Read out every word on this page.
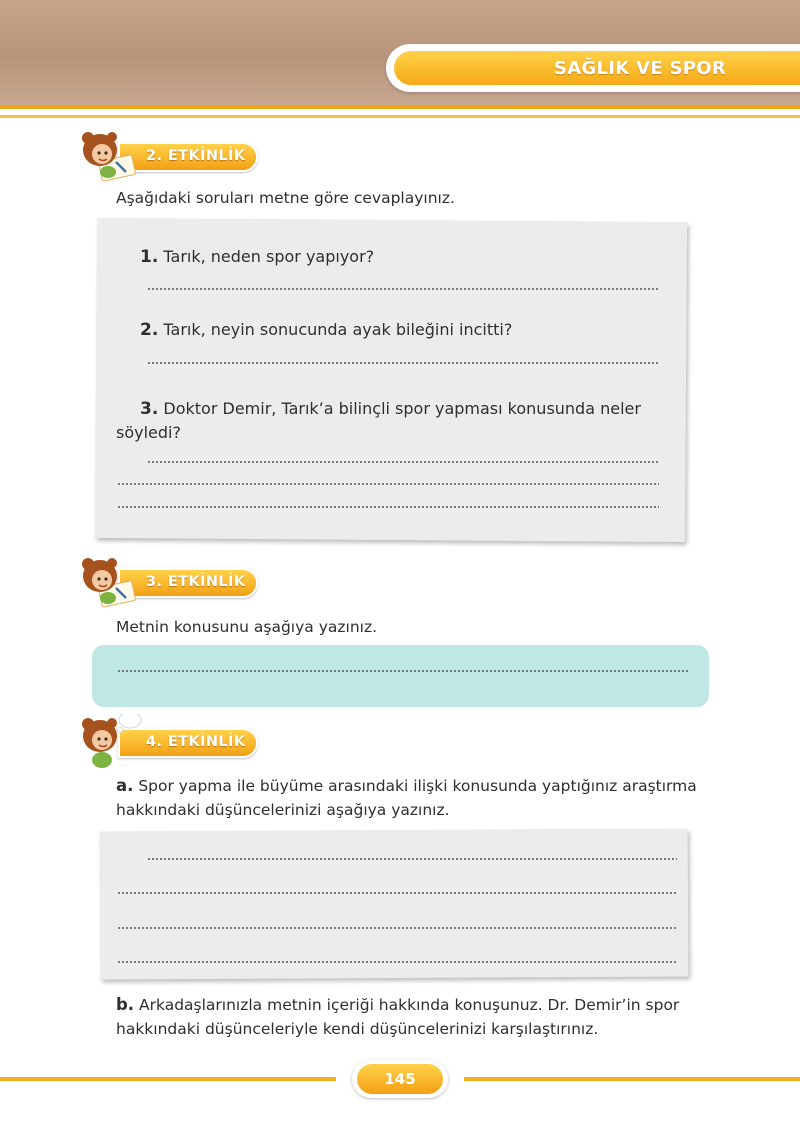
SAĞLIK VE SPOR
2. ETKİNLİK
Aşağıdaki soruları metne göre cevaplayınız.
1. Tarık, neden spor yapıyor?
2. Tarık, neyin sonucunda ayak bileğini incitti?
3. Doktor Demir, Tarık’a bilinçli spor yapması konusunda neler
söyledi?
3. ETKİNLİK
Metnin konusunu aşağıya yazınız.
4. ETKİNLİK
a. Spor yapma ile büyüme arasındaki ilişki konusunda yaptığınız araştırma
hakkındaki düşüncelerinizi aşağıya yazınız.
b. Arkadaşlarınızla metnin içeriği hakkında konuşunuz. Dr. Demir’in spor
hakkındaki düşünceleriyle kendi düşüncelerinizi karşılaştırınız.
145
